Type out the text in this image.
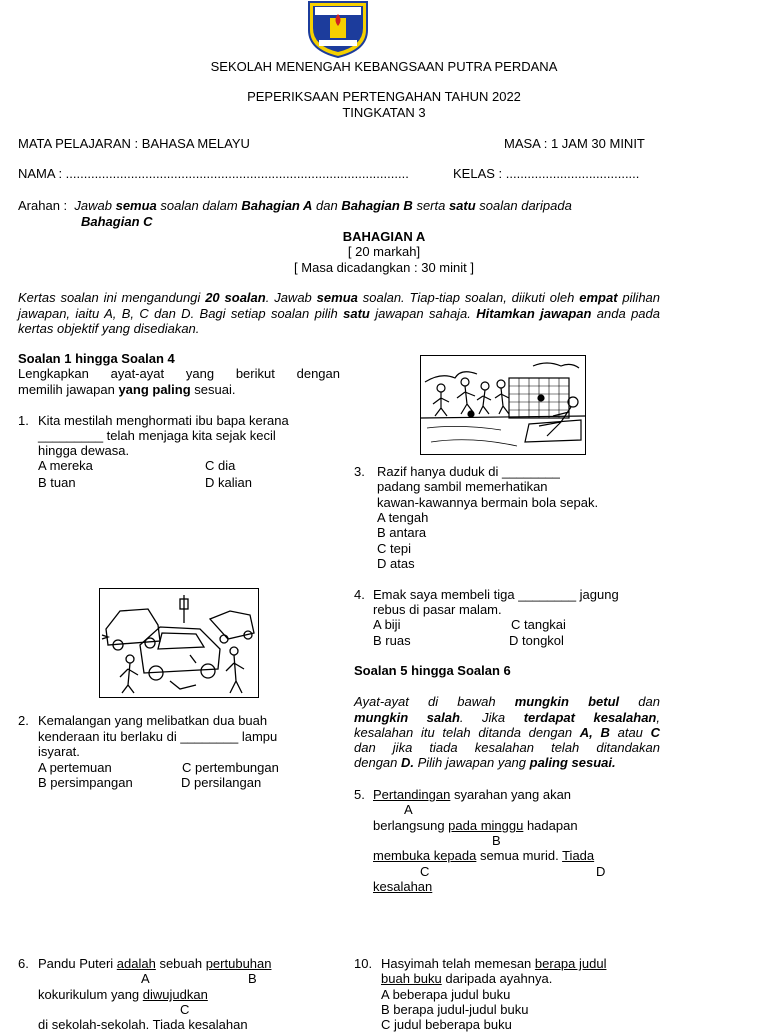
SEKOLAH MENENGAH KEBANGSAAN PUTRA PERDANA
PEPERIKSAAN PERTENGAHAN TAHUN 2022
TINGKATAN 3
MATA PELAJARAN : BAHASA MELAYU	MASA : 1 JAM 30 MINIT
NAMA : ...............................................................................................	KELAS : .....................................
Arahan : Jawab semua soalan dalam Bahagian A dan Bahagian B serta satu soalan daripada
Bahagian C
BAHAGIAN A
[ 20 markah]
[ Masa dicadangkan : 30 minit ]
Kertas soalan ini mengandungi 20 soalan. Jawab semua soalan. Tiap-tiap soalan, diikuti oleh empat pilihan jawapan, iaitu A, B, C dan D. Bagi setiap soalan pilih satu jawapan sahaja. Hitamkan jawapan anda pada kertas objektif yang disediakan.
Soalan 1 hingga Soalan 4
Lengkapkan ayat-ayat yang berikut dengan
memilih jawapan yang paling sesuai.
1. Kita mestilah menghormati ibu bapa kerana
_________ telah menjaga kita sejak kecil
hingga dewasa.
A mereka	C dia
B tuan	D kalian
2. Kemalangan yang melibatkan dua buah
kenderaan itu berlaku di ________ lampu
isyarat.
A pertemuan	C pertembungan
B persimpangan	D persilangan
3. Razif hanya duduk di ________
padang sambil memerhatikan
kawan-kawannya bermain bola sepak.
A tengah
B antara
C tepi
D atas
4. Emak saya membeli tiga ________ jagung
rebus di pasar malam.
A biji	C tangkai
B ruas	D tongkol
Soalan 5 hingga Soalan 6
Ayat-ayat di bawah mungkin betul dan
mungkin salah. Jika terdapat kesalahan,
kesalahan itu telah ditanda dengan A, B atau C
dan jika tiada kesalahan telah ditandakan
dengan D. Pilih jawapan yang paling sesuai.
5. Pertandingan syarahan yang akan
A
berlangsung pada minggu hadapan
B
membuka kepada semua murid. Tiada
C	D
kesalahan
6. Pandu Puteri adalah sebuah pertubuhan
A	B
kokurikulum yang diwujudkan
C
di sekolah-sekolah. Tiada kesalahan
10. Hasyimah telah memesan berapa judul
buah buku daripada ayahnya.
A beberapa judul buku
B berapa judul-judul buku
C judul beberapa buku
